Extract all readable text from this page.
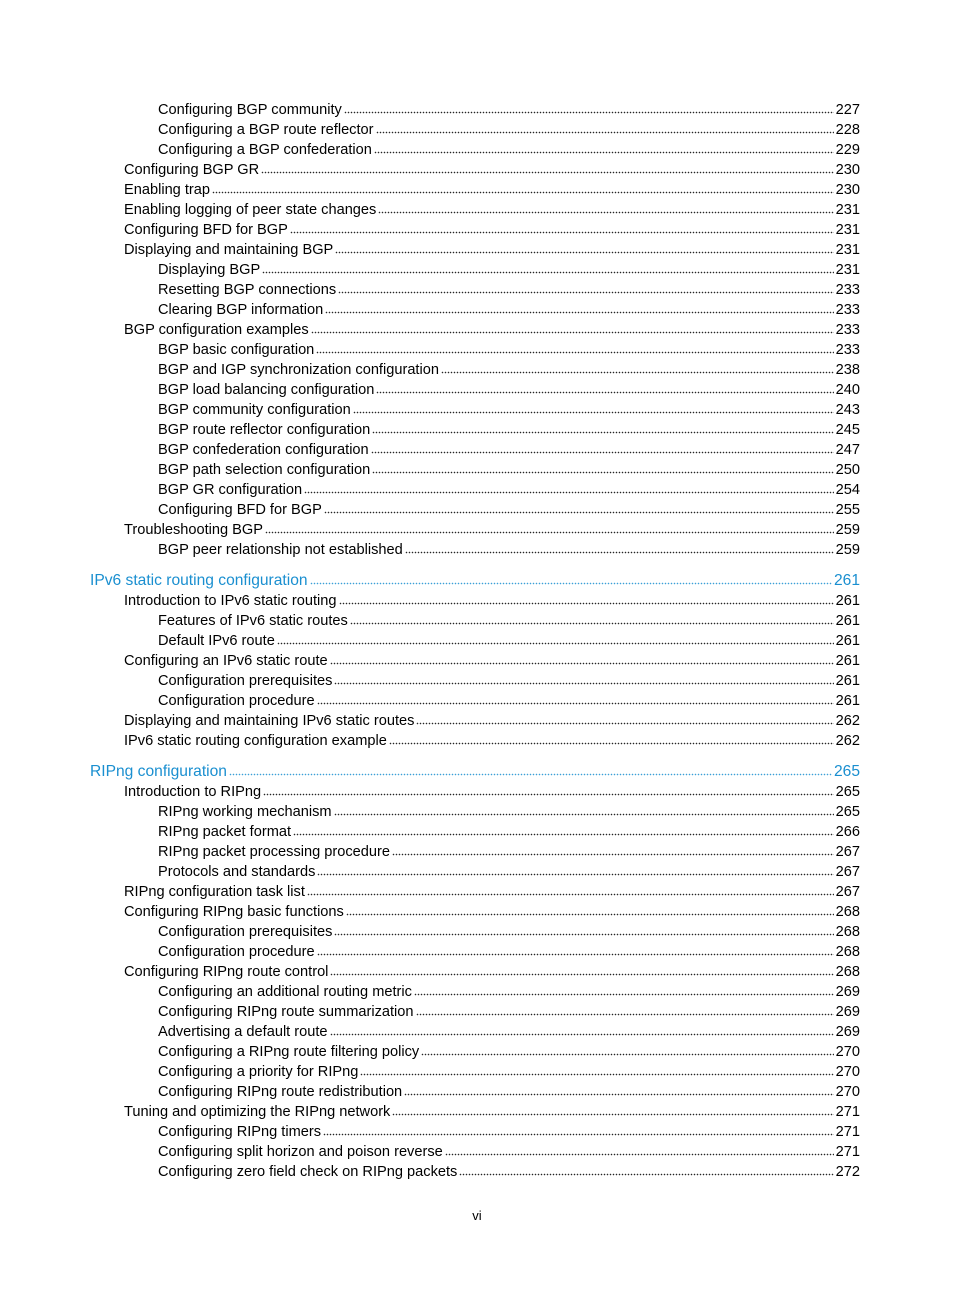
Configuring BGP community	227
Configuring a BGP route reflector	228
Configuring a BGP confederation	229
Configuring BGP GR	230
Enabling trap	230
Enabling logging of peer state changes	231
Configuring BFD for BGP	231
Displaying and maintaining BGP	231
Displaying BGP	231
Resetting BGP connections	233
Clearing BGP information	233
BGP configuration examples	233
BGP basic configuration	233
BGP and IGP synchronization configuration	238
BGP load balancing configuration	240
BGP community configuration	243
BGP route reflector configuration	245
BGP confederation configuration	247
BGP path selection configuration	250
BGP GR configuration	254
Configuring BFD for BGP	255
Troubleshooting BGP	259
BGP peer relationship not established	259
IPv6 static routing configuration	261
Introduction to IPv6 static routing	261
Features of IPv6 static routes	261
Default IPv6 route	261
Configuring an IPv6 static route	261
Configuration prerequisites	261
Configuration procedure	261
Displaying and maintaining IPv6 static routes	262
IPv6 static routing configuration example	262
RIPng configuration	265
Introduction to RIPng	265
RIPng working mechanism	265
RIPng packet format	266
RIPng packet processing procedure	267
Protocols and standards	267
RIPng configuration task list	267
Configuring RIPng basic functions	268
Configuration prerequisites	268
Configuration procedure	268
Configuring RIPng route control	268
Configuring an additional routing metric	269
Configuring RIPng route summarization	269
Advertising a default route	269
Configuring a RIPng route filtering policy	270
Configuring a priority for RIPng	270
Configuring RIPng route redistribution	270
Tuning and optimizing the RIPng network	271
Configuring RIPng timers	271
Configuring split horizon and poison reverse	271
Configuring zero field check on RIPng packets	272
vi
